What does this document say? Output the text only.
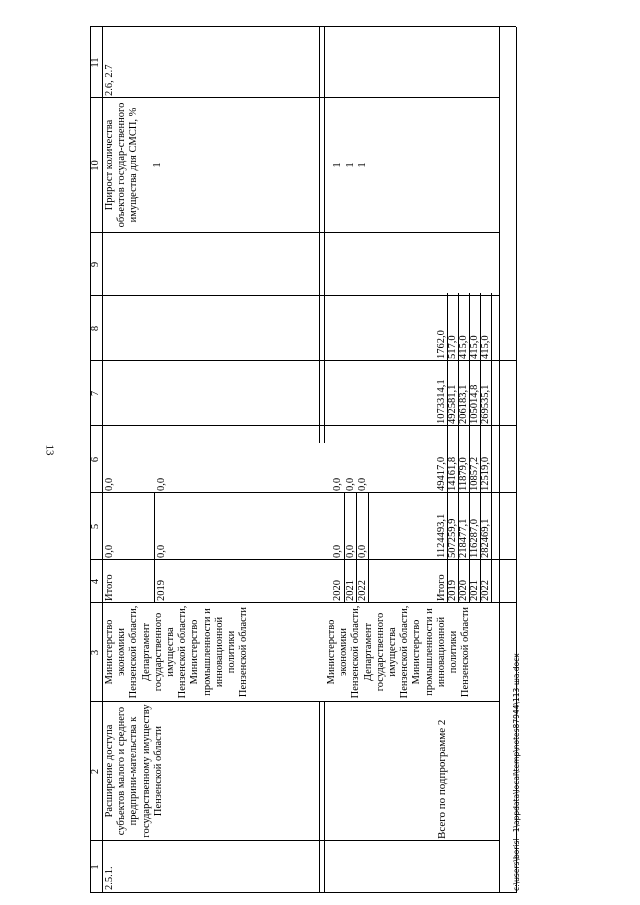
13
1
2
3
4
5
6
7
8
9
10
11
2.5.1.
Расширение доступа субъектов малого и среднего предприни-мательства к государственному имуществу Пензенской области
Министерство экономики Пензенской области, Департамент государственного имущества Пензенской области, Министерство промышленности и инновационной политики Пензенской области	Министерство экономики Пензенской области, Департамент государственного имущества Пензенской области, Министерство промышленности и инновационной политики Пензенской области
Итого
0,0
0,0
2019
0,0
0,0
Прирост количества объектов государ-ственного имущества для СМСП, % 1
2.6, 2.7
2020
0,0
0,0
1
2021
0,0
0,0
1
2022
0,0
0,0
1
Всего по подпрограмме 2
Итого
1124493,1
49417,0
1073314,1
1762,0
2019
507259,9
14161,8
492581,1
517,0
2020
218477,1
11879,0
206183,1
415,0
2021
116287,0
10857,2
105014,8
415,0
2022
282469,1
12519,0
269535,1
415,0
c:\users\borisl~1\appdata\local\temp\notes87944\113-ша.docx
